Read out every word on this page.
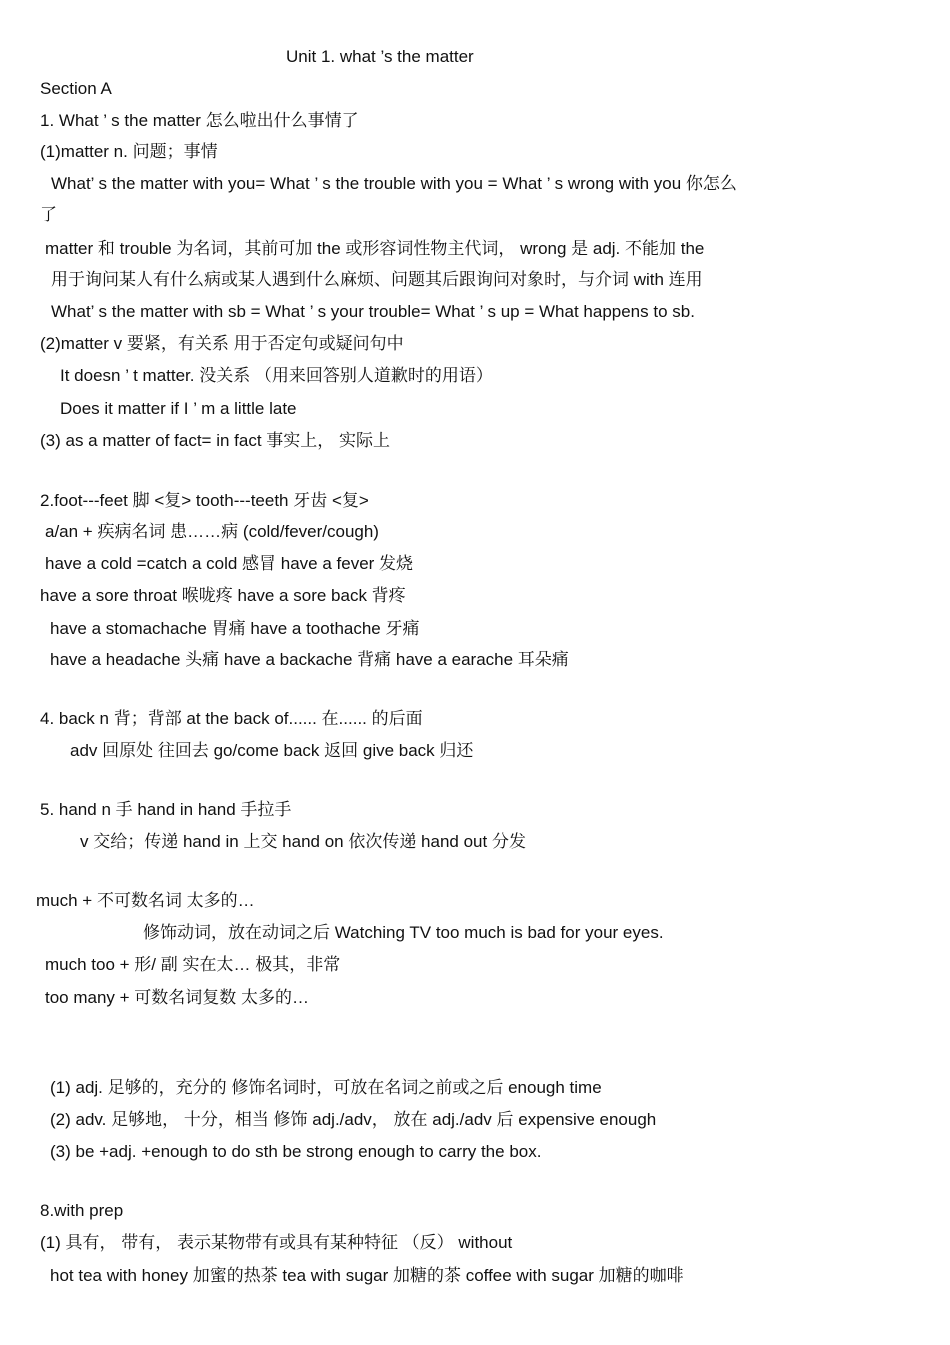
Unit 1. what ’s the matter
Section A
1. What ’ s the matter 怎么啦出什么事情了
(1)matter n. 问题；事情
What’ s the matter with you= What ’ s the trouble with you = What ’ s wrong with you 你怎么
了
matter 和 trouble 为名词，其前可加 the 或形容词性物主代词， wrong 是 adj. 不能加 the
用于询问某人有什么病或某人遇到什么麻烦、问题其后跟询问对象时，与介词 with 连用
What’ s the matter with sb = What ’ s your trouble= What ’ s up = What happens to sb.
(2)matter v 要紧，有关系 用于否定句或疑问句中
It doesn ’ t matter. 没关系 （用来回答别人道歉时的用语）
Does it matter if I ’ m a little late
(3) as a matter of fact= in fact 事实上， 实际上
2.foot---feet 脚 <复> tooth---teeth 牙齿 <复>
a/an + 疾病名词 患……病 (cold/fever/cough)
have a cold =catch a cold 感冒 have a fever 发烧
have a sore throat 喉咙疼 have a sore back 背疼
have a stomachache 胃痛 have a toothache 牙痛
have a headache 头痛 have a backache 背痛 have a earache 耳朵痛
4. back n 背；背部 at the back of...... 在...... 的后面
adv 回原处 往回去 go/come back 返回 give back 归还
5. hand n 手 hand in hand 手拉手
v 交给；传递 hand in 上交 hand on 依次传递 hand out 分发
much + 不可数名词 太多的…
修饰动词，放在动词之后 Watching TV too much is bad for your eyes.
much too + 形/ 副 实在太… 极其，非常
too many + 可数名词复数 太多的…
(1) adj. 足够的，充分的 修饰名词时，可放在名词之前或之后 enough time
(2) adv. 足够地， 十分，相当 修饰 adj./adv， 放在 adj./adv 后 expensive enough
(3) be +adj. +enough to do sth be strong enough to carry the box.
8.with prep
(1) 具有， 带有， 表示某物带有或具有某种特征 （反） without
hot tea with honey 加蜜的热茶 tea with sugar 加糖的茶 coffee with sugar 加糖的咖啡
